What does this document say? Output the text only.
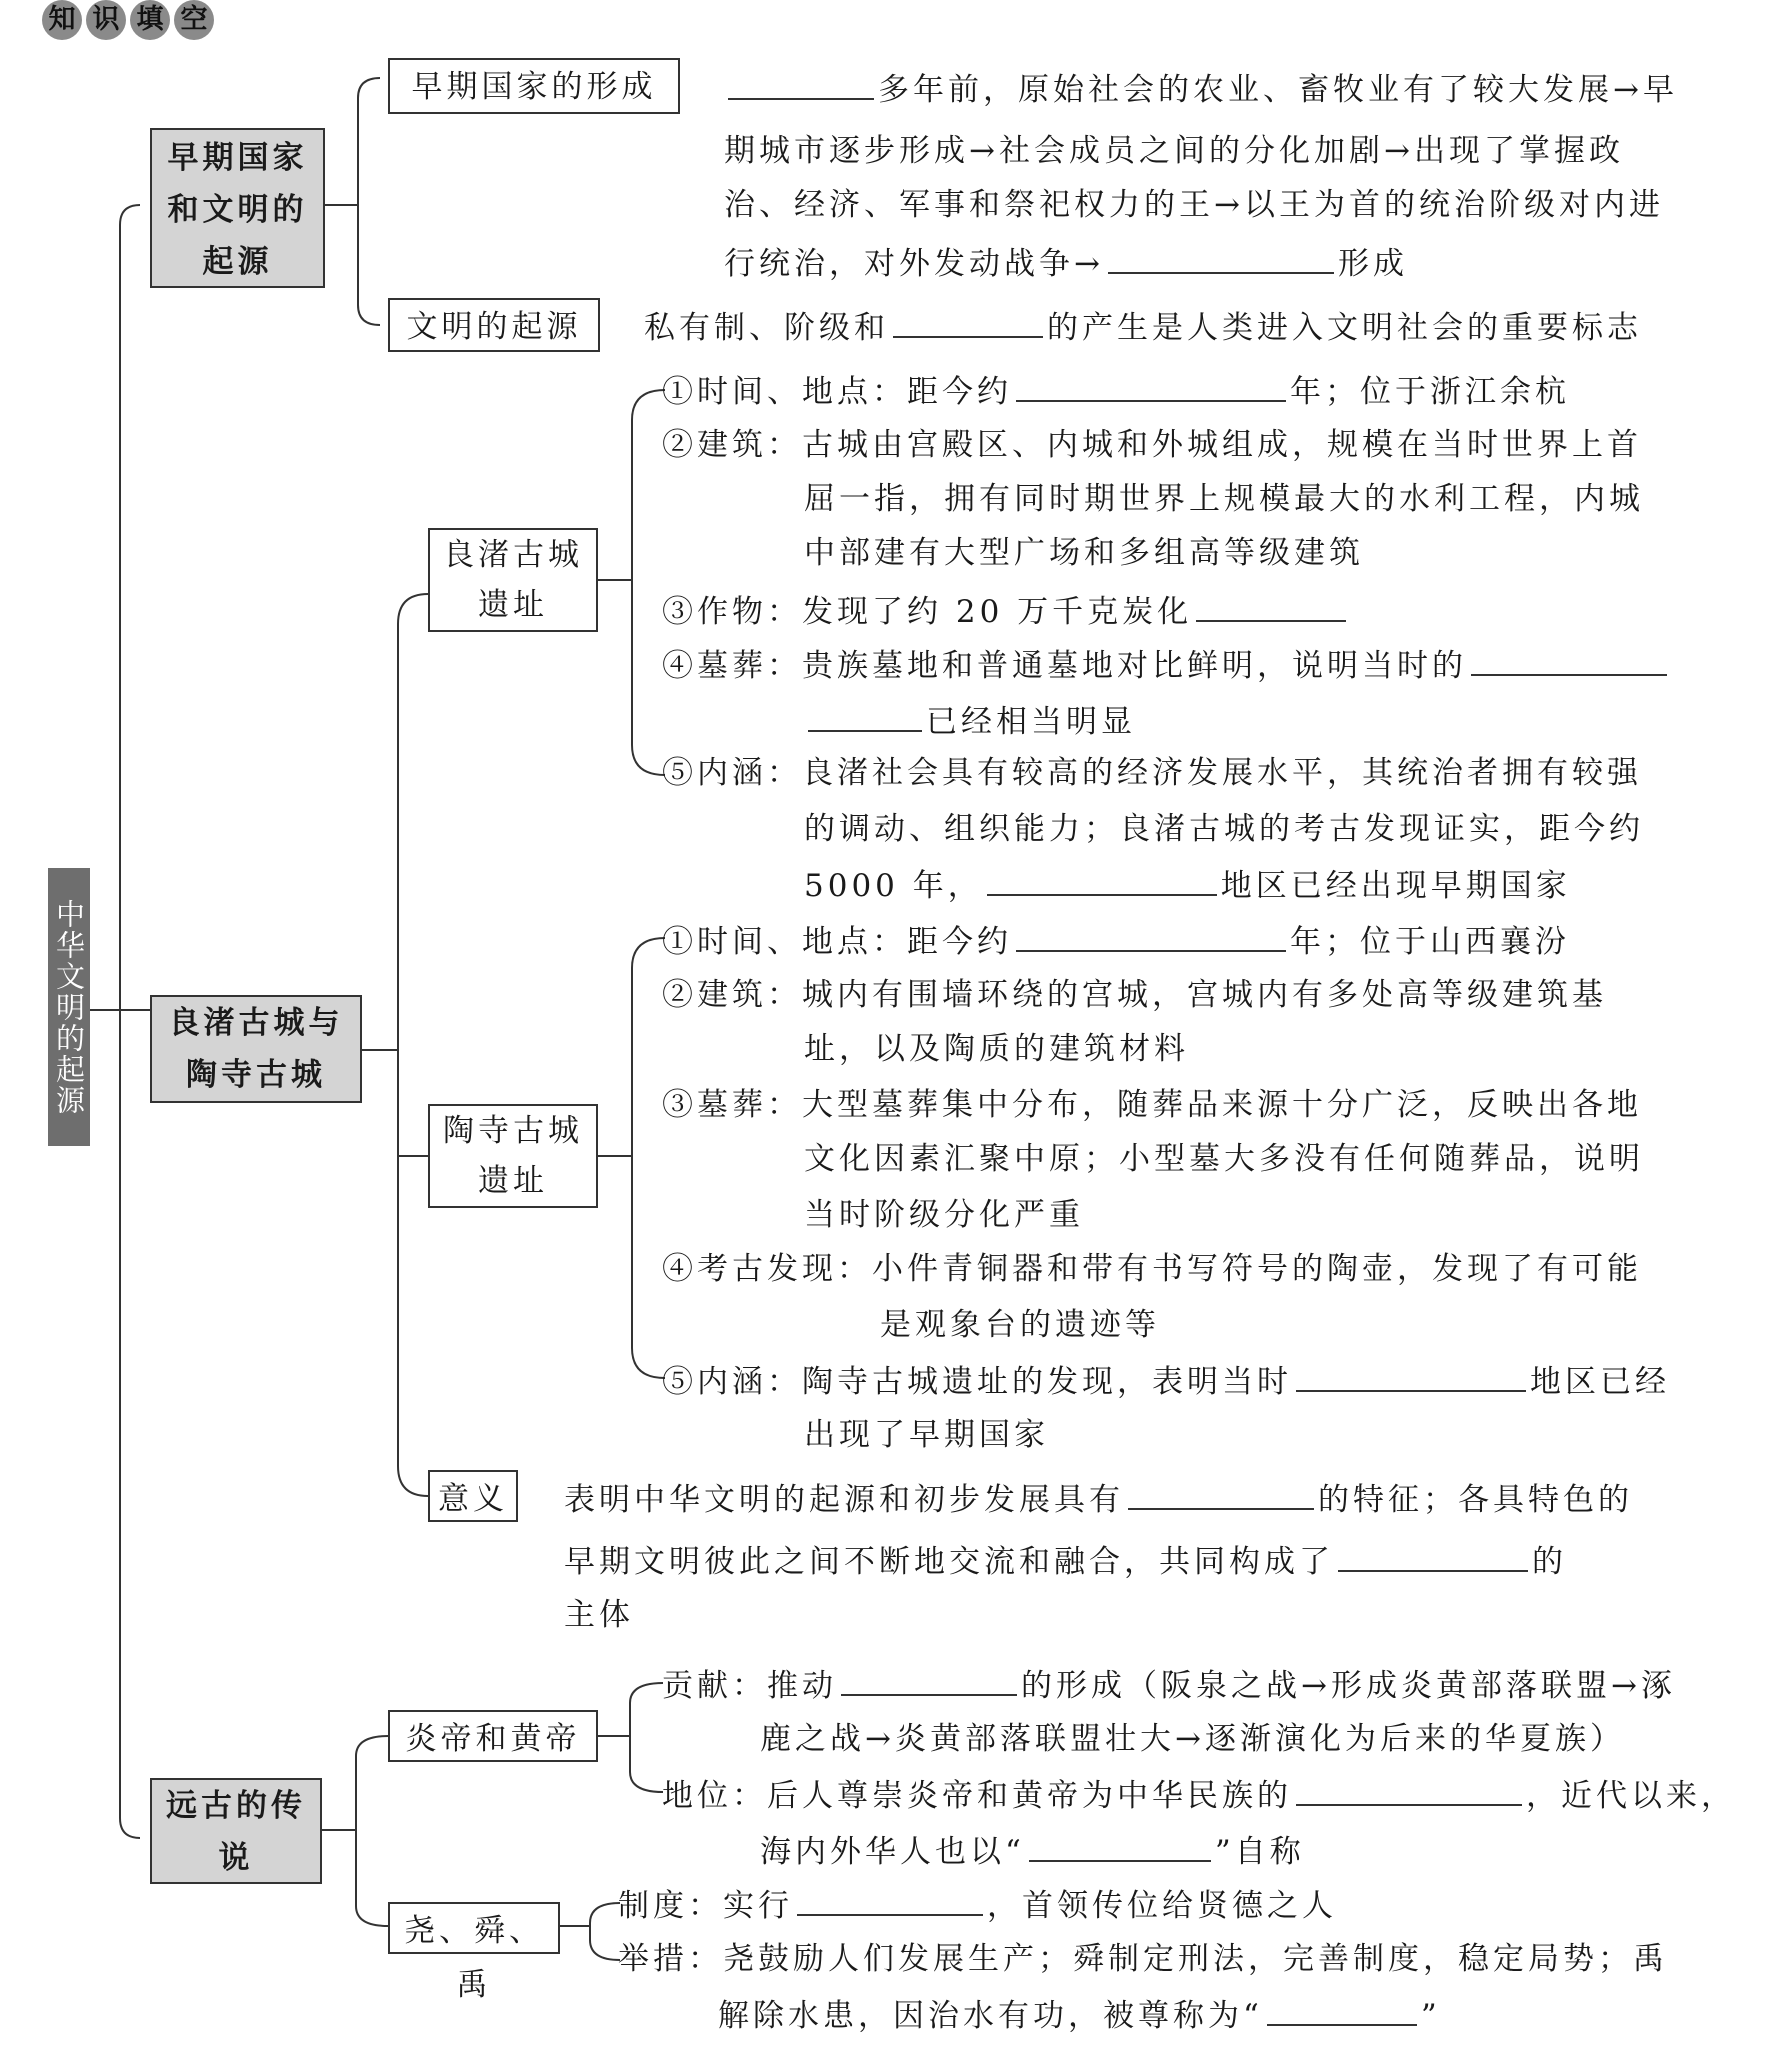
知 识 填 空
中华文明的起源
早期国家和文明的起源
早期国家的形成	多年前，原始社会的农业、畜牧业有了较大发展→早
期城市逐步形成→社会成员之间的分化加剧→出现了掌握政
治、经济、军事和祭祀权力的王→以王为首的统治阶级对内进
行统治，对外发动战争→	形成
文明的起源	私有制、阶级和	的产生是人类进入文明社会的重要标志
良渚古城与陶寺古城
良渚古城遗址
①时间、地点：距今约	年；位于浙江余杭
②建筑：古城由宫殿区、内城和外城组成，规模在当时世界上首
屈一指，拥有同时期世界上规模最大的水利工程，内城
中部建有大型广场和多组高等级建筑
③作物：发现了约 20 万千克炭化
④墓葬：贵族墓地和普通墓地对比鲜明，说明当时的
已经相当明显
⑤内涵：良渚社会具有较高的经济发展水平，其统治者拥有较强
的调动、组织能力；良渚古城的考古发现证实，距今约
5000 年，	地区已经出现早期国家
陶寺古城遗址
①时间、地点：距今约	年；位于山西襄汾
②建筑：城内有围墙环绕的宫城，宫城内有多处高等级建筑基
址，以及陶质的建筑材料
③墓葬：大型墓葬集中分布，随葬品来源十分广泛，反映出各地
文化因素汇聚中原；小型墓大多没有任何随葬品，说明
当时阶级分化严重
④考古发现：小件青铜器和带有书写符号的陶壶，发现了有可能
是观象台的遗迹等
⑤内涵：陶寺古城遗址的发现，表明当时	地区已经
出现了早期国家
意义	表明中华文明的起源和初步发展具有	的特征；各具特色的
早期文明彼此之间不断地交流和融合，共同构成了	的
主体
远古的传说
炎帝和黄帝
贡献：推动	的形成（阪泉之战→形成炎黄部落联盟→涿
鹿之战→炎黄部落联盟壮大→逐渐演化为后来的华夏族）
地位：后人尊崇炎帝和黄帝为中华民族的	，近代以来，
海内外华人也以“	”自称
尧、舜、禹
制度：实行	，首领传位给贤德之人
举措：尧鼓励人们发展生产；舜制定刑法，完善制度，稳定局势；禹
解除水患，因治水有功，被尊称为“	”
